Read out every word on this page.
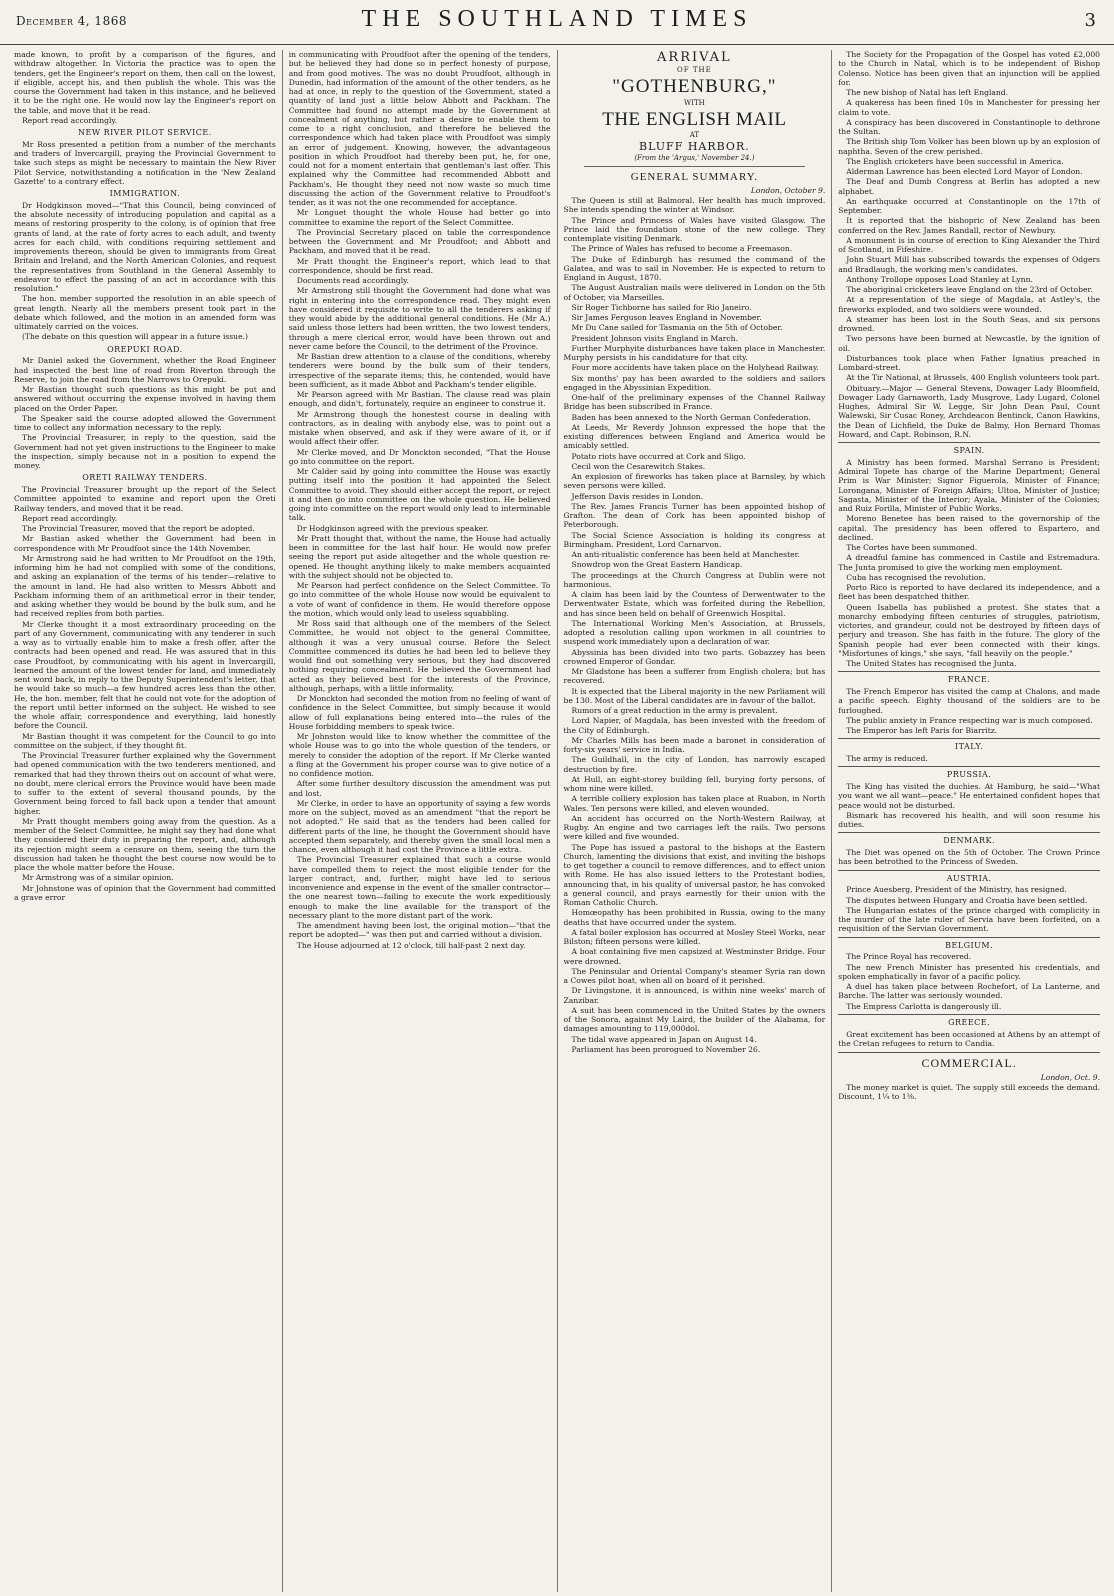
December 4, 1868	THE SOUTHLAND TIMES	3

made known, to profit by a comparison of the figures, and withdraw altogether. In Victoria the practice was to open the tenders, get the Engineer's report on them, then call on the lowest, if eligible, accept his, and then publish the whole. This was the course the Government had taken in this instance, and he believed it to be the right one. He would now lay the Engineer's report on the table, and move that it be read.

Report read accordingly.

NEW RIVER PILOT SERVICE.

Mr Ross presented a petition from a number of the merchants and traders of Invercargill, praying the Provincial Government to take such steps as might be necessary to maintain the New River Pilot Service, notwithstanding a notification in the 'New Zealand Gazette' to a contrary effect.

IMMIGRATION.

Dr Hodgkinson moved—"That this Council, being convinced of the absolute necessity of introducing population and capital as a means of restoring prosperity to the colony, is of opinion that free grants of land, at the rate of forty acres to each adult, and twenty acres for each child, with conditions requiring settlement and improvements thereon, should be given to immigrants from Great Britain and Ireland, and the North American Colonies, and request the representatives from Southland in the General Assembly to endeavor to effect the passing of an act in accordance with this resolution."

The hon. member supported the resolution in an able speech of great length. Nearly all the members present took part in the debate which followed, and the motion in an amended form was ultimately carried on the voices.

(The debate on this question will appear in a future issue.)

OREPUKI ROAD.

Mr Daniel asked the Government, whether the Road Engineer had inspected the best line of road from Riverton through the Reserve, to join the road from the Narrows to Orepuki.

Mr Bastian thought such questions as this might be put and answered without occurring the expense involved in having them placed on the Order Paper.

The Speaker said the course adopted allowed the Government time to collect any information necessary to the reply.

The Provincial Treasurer, in reply to the question, said the Government had not yet given instructions to the Engineer to make the inspection, simply because not in a position to expend the money.

ORETI RAILWAY TENDERS.

The Provincial Treasurer brought up the report of the Select Committee appointed to examine and report upon the Oreti Railway tenders, and moved that it be read.

Report read accordingly.

The Provincial Treasurer, moved that the report be adopted.

Mr Bastian asked whether the Government had been in correspondence with Mr Proudfoot since the 14th November.

Mr Armstrong said he had written to Mr Proudfoot on the 19th, informing him he had not complied with some of the conditions, and asking an explanation of the terms of his tender—relative to the amount in land. He had also written to Messrs Abbott and Packham informing them of an arithmetical error in their tender, and asking whether they would be bound by the bulk sum, and he had received replies from both parties.

Mr Clerke thought it a most extraordinary proceeding on the part of any Government, communicating with any tenderer in such a way as to virtually enable him to make a fresh offer, after the contracts had been opened and read. He was assured that in this case Proudfoot, by communicating with his agent in Invercargill, learned the amount of the lowest tender for land, and immediately sent word back, in reply to the Deputy Superintendent's letter, that he would take so much—a few hundred acres less than the other. He, the hon. member, felt that he could not vote for the adoption of the report until better informed on the subject. He wished to see the whole affair, correspondence and everything, laid honestly before the Council.

Mr Bastian thought it was competent for the Council to go into committee on the subject, if they thought fit.

The Provincial Treasurer further explained why the Government had opened communication with the two tenderers mentioned, and remarked that had they thrown theirs out on account of what were, no doubt, mere clerical errors the Province would have been made to suffer to the extent of several thousand pounds, by the Government being forced to fall back upon a tender that amount higher.

Mr Pratt thought members going away from the question. As a member of the Select Committee, he might say they had done what they considered their duty in preparing the report, and, although its rejection might seem a censure on them, seeing the turn the discussion had taken he thought the best course now would be to place the whole matter before the House.

Mr Armstrong was of a similar opinion.

Mr Johnstone was of opinion that the Government had committed a grave error

in communicating with Proudfoot after the opening of the tenders, but he believed they had done so in perfect honesty of purpose, and from good motives. The was no doubt Proudfoot, although in Dunedin, had information of the amount of the other tenders, as he had at once, in reply to the question of the Government, stated a quantity of land just a little below Abbott and Packham. The Committee had found no attempt made by the Government at concealment of anything, but rather a desire to enable them to come to a right conclusion, and therefore he believed the correspondence which had taken place with Proudfoot was simply an error of judgement. Knowing, however, the advantageous position in which Proudfoot had thereby been put, he, for one, could not for a moment entertain that gentleman's last offer. This explained why the Committee had recommended Abbott and Packham's. He thought they need not now waste so much time discussing the action of the Government relative to Proudfoot's tender, as it was not the one recommended for acceptance.

Mr Longuet thought the whole House had better go into committee to examine the report of the Select Committee.

The Provincial Secretary placed on table the correspondence between the Government and Mr Proudfoot; and Abbott and Packham, and moved that it be read.

Mr Pratt thought the Engineer's report, which lead to that correspondence, should be first read.

Documents read accordingly.

Mr Armstrong still thought the Government had done what was right in entering into the correspondence read. They might even have considered it requisite to write to all the tenderers asking if they would abide by the additional general conditions. He (Mr A.) said unless those letters had been written, the two lowest tenders, through a mere clerical error, would have been thrown out and never came before the Council, to the detriment of the Province.

Mr Bastian drew attention to a clause of the conditions, whereby tenderers were bound by the bulk sum of their tenders, irrespective of the separate items; this, he contended, would have been sufficient, as it made Abbot and Packham's tender eligible.

Mr Pearson agreed with Mr Bastian. The clause read was plain enough, and didn't, fortunately, require an engineer to construe it.

Mr Armstrong though the honestest course in dealing with contractors, as in dealing with anybody else, was to point out a mistake when observed, and ask if they were aware of it, or if would affect their offer.

Mr Clerke moved, and Dr Monckton seconded, "That the House go into committee on the report.

Mr Calder said by going into committee the House was exactly putting itself into the position it had appointed the Select Committee to avoid. They should either accept the report, or reject it and then go into committee on the whole question. He believed going into committee on the report would only lead to interminable talk.

Dr Hodgkinson agreed with the previous speaker.

Mr Pratt thought that, without the name, the House had actually been in committee for the last half hour. He would now prefer seeing the report put aside altogether and the whole question re-opened. He thought anything likely to make members acquainted with the subject should not be objected to.

Mr Pearson had perfect confidence on the Select Committee. To go into committee of the whole House now would be equivalent to a vote of want of confidence in them. He would therefore oppose the motion, which would only lead to useless squabbling.

Mr Ross said that although one of the members of the Select Committee, he would not object to the general Committee, although it was a very unusual course. Before the Select Committee commenced its duties he had been led to believe they would find out something very serious, but they had discovered nothing requiring concealment. He believed the Government had acted as they believed best for the interests of the Province, although, perhaps, with a little informality.

Dr Monckton had seconded the motion from no feeling of want of confidence in the Select Committee, but simply because it would allow of full explanations being entered into—the rules of the House forbidding members to speak twice.

Mr Johnston would like to know whether the committee of the whole House was to go into the whole question of the tenders, or merely to consider the adoption of the report. If Mr Clerke wanted a fling at the Government his proper course was to give notice of a no confidence motion.

After some further desultory discussion the amendment was put and lost.

Mr Clerke, in order to have an opportunity of saying a few words more on the subject, moved as an amendment "that the report be not adopted." He said that as the tenders had been called for different parts of the line, he thought the Government should have accepted them separately, and thereby given the small local men a chance, even although it had cost the Province a little extra.

The Provincial Treasurer explained that such a course would have compelled them to reject the most eligible tender for the larger contract, and, further, might have led to serious inconvenience and expense in the event of the smaller contractor—the one nearest town—failing to execute the work expeditiously enough to make the line available for the transport of the necessary plant to the more distant part of the work.

The amendment having been lost, the original motion—"that the report be adopted—" was then put and carried without a division.

The House adjourned at 12 o'clock, till half-past 2 next day.

ARRIVAL
OF THE
"GOTHENBURG,"
WITH
THE ENGLISH MAIL
AT
BLUFF HARBOR.
(From the 'Argus,' November 24.)
GENERAL SUMMARY.
London, October 9.

The Queen is still at Balmoral. Her health has much improved. She intends spending the winter at Windsor.

The Prince and Princess of Wales have visited Glasgow. The Prince laid the foundation stone of the new college. They contemplate visiting Denmark.

The Prince of Wales has refused to become a Freemason.

The Duke of Edinburgh has resumed the command of the Galatea, and was to sail in November. He is expected to return to England in August, 1870.

The August Australian mails were delivered in London on the 5th of October, via Marseilles.

Sir Roger Tichborne has sailed for Rio Janeiro.

Sir James Ferguson leaves England in November.

Mr Du Cane sailed for Tasmania on the 5th of October.

President Johnson visits England in March.

Further Murphyite disturbances have taken place in Manchester. Murphy persists in his candidature for that city.

Four more accidents have taken place on the Holyhead Railway.

Six months' pay has been awarded to the soldiers and sailors engaged in the Abyssinian Expedition.

One-half of the preliminary expenses of the Channel Railway Bridge has been subscribed in France.

Baden has been annexed to the North German Confederation.

At Leeds, Mr Reverdy Johnson expressed the hope that the existing differences between England and America would be amicably settled.

Potato riots have occurred at Cork and Sligo.

Cecil won the Cesarewitch Stakes.

An explosion of fireworks has taken place at Barnsley, by which seven persons were killed.

Jefferson Davis resides in London.

The Rev. James Francis Turner has been appointed bishop of Grafton. The dean of Cork has been appointed bishop of Peterborough.

The Social Science Association is holding its congress at Birmingham. President, Lord Carnarvon.

An anti-ritualistic conference has been held at Manchester.

Snowdrop won the Great Eastern Handicap.

The proceedings at the Church Congress at Dublin were not harmonious.

A claim has been laid by the Countess of Derwentwater to the Derwentwater Estate, which was forfeited during the Rebellion, and has since been held on behalf of Greenwich Hospital.

The International Working Men's Association, at Brussels, adopted a resolution calling upon workmen in all countries to suspend work immediately upon a declaration of war.

Abyssinia has been divided into two parts. Gobazzey has been crowned Emperor of Gondar.

Mr Gladstone has been a sufferer from English cholera; but has recovered.

It is expected that the Liberal majority in the new Parliament will be 130. Most of the Liberal candidates are in favour of the ballot.

Rumors of a great reduction in the army is prevalent.

Lord Napier, of Magdala, has been invested with the freedom of the City of Edinburgh.

Mr Charles Mills has been made a baronet in consideration of forty-six years' service in India.

The Guildhall, in the city of London, has narrowly escaped destruction by fire.

At Hull, an eight-storey building fell, burying forty persons, of whom nine were killed.

A terrible colliery explosion has taken place at Ruabon, in North Wales. Ten persons were killed, and eleven wounded.

An accident has occurred on the North-Western Railway, at Rugby. An engine and two carriages left the rails. Two persons were killed and five wounded.

The Pope has issued a pastoral to the bishops at the Eastern Church, lamenting the divisions that exist, and inviting the bishops to get together a council to remove differences, and to effect union with Rome. He has also issued letters to the Protestant bodies, announcing that, in his quality of universal pastor, he has convoked a general council, and prays earnestly for their union with the Roman Catholic Church.

Homœopathy has been prohibited in Russia, owing to the many deaths that have occurred under the system.

A fatal boiler explosion has occurred at Mosley Steel Works, near Bilston; fifteen persons were killed.

A boat containing five men capsized at Westminster Bridge. Four were drowned.

The Peninsular and Oriental Company's steamer Syria ran down a Cowes pilot boat, when all on board of it perished.

Dr Livingstone, it is announced, is within nine weeks' march of Zanzibar.

A suit has been commenced in the United States by the owners of the Sonora, against My Laird, the builder of the Alabama, for damages amounting to 119,000dol.

The tidal wave appeared in Japan on August 14.

Parliament has been prorogued to November 26.

The Society for the Propagation of the Gospel has voted £2,000 to the Church in Natal, which is to be independent of Bishop Colenso. Notice has been given that an injunction will be applied for.

The new bishop of Natal has left England.

A quakeress has been fined 10s in Manchester for pressing her claim to vote.

A conspiracy has been discovered in Constantinople to dethrone the Sultan.

The British ship Tom Volker has been blown up by an explosion of naphtha. Seven of the crew perished.

The English cricketers have been successful in America.

Alderman Lawrence has been elected Lord Mayor of London.

The Deaf and Dumb Congress at Berlin has adopted a new alphabet.

An earthquake occurred at Constantinople on the 17th of September.

It is reported that the bishopric of New Zealand has been conferred on the Rev. James Randall, rector of Newbury.

A monument is in course of erection to King Alexander the Third of Scotland, in Fifeshire.

John Stuart Mill has subscribed towards the expenses of Odgers and Bradlaugh, the working men's candidates.

Anthony Trollope opposes Load Stanley at Lynn.

The aboriginal cricketers leave England on the 23rd of October.

At a representation of the siege of Magdala, at Astley's, the fireworks exploded, and two soldiers were wounded.

A steamer has been lost in the South Seas, and six persons drowned.

Two persons have been burned at Newcastle, by the ignition of oil.

Disturbances took place when Father Ignatius preached in Lombard-street.

At the Tir National, at Brussels, 400 English volunteers took part.

Obituary.—Major — General Stevens, Dowager Lady Bloomfield, Dowager Lady Garnaworth, Lady Musgrove, Lady Lugard, Colonel Hughes, Admiral Sir W. Legge, Sir John Dean Paul, Count Walewski, Sir Cusac Roney, Archdeacon Bentinck, Canon Hawkins, the Dean of Lichfield, the Duke de Balmy, Hon Bernard Thomas Howard, and Capt. Robinson, R.N.

SPAIN.

A Ministry has been formed. Marshal Serrano is President; Admiral Topete has charge of the Marine Department; General Prim is War Minister; Signor Figuerola, Minister of Finance; Lorongana, Minister of Foreign Affairs; Ultoa, Minister of Justice; Sagasta, Minister of the Interior; Ayala, Minister of the Colonies; and Ruiz Forilla, Minister of Public Works.

Moreno Benetee has been raised to the governorship of the capital. The presidency has been offered to Espartero, and declined.

The Cortes have been summoned.

A dreadful famine has commenced in Castile and Estremadura. The Junta promised to give the working men employment.

Cuba has recognised the revolution.

Porto Rico is reported to have declared its independence, and a fleet has been despatched thither.

Queen Isabella has published a protest. She states that a monarchy embodying fifteen centuries of struggles, patriotism, victories, and grandeur, could not be destroyed by fifteen days of perjury and treason. She has faith in the future. The glory of the Spanish people had ever been connected with their kings. "Misfortunes of kings," she says, "fall heavily on the people."

The United States has recognised the Junta.

FRANCE.

The French Emperor has visited the camp at Chalons, and made a pacific speech. Eighty thousand of the soldiers are to be furloughed.

The public anxiety in France respecting war is much composed.

The Emperor has left Paris for Biarritz.

ITALY.

The army is reduced.

PRUSSIA.

The King has visited the duchies. At Hamburg, he said—"What you want we all want—peace." He entertained confident hopes that peace would not be disturbed.

Bismark has recovered his health, and will soon resume his duties.

DENMARK.

The Diet was opened on the 5th of October. The Crown Prince has been betrothed to the Princess of Sweden.

AUSTRIA.

Prince Auesberg, President of the Ministry, has resigned.

The disputes between Hungary and Croatia have been settled.

The Hungarian estates of the prince charged with complicity in the murder of the late ruler of Servia have been forfeited, on a requisition of the Servian Government.

BELGIUM.

The Prince Royal has recovered.

The new French Minister has presented his credentials, and spoken emphatically in favor of a pacific policy.

A duel has taken place between Rochefort, of La Lanterne, and Barche. The latter was seriously wounded.

The Empress Carlotta is dangerously ill.

GREECE.

Great excitement has been occasioned at Athens by an attempt of the Cretan refugees to return to Candia.

COMMERCIAL.
London, Oct. 9.

The money market is quiet. The supply still exceeds the demand. Discount, 1¼ to 1⅜.
